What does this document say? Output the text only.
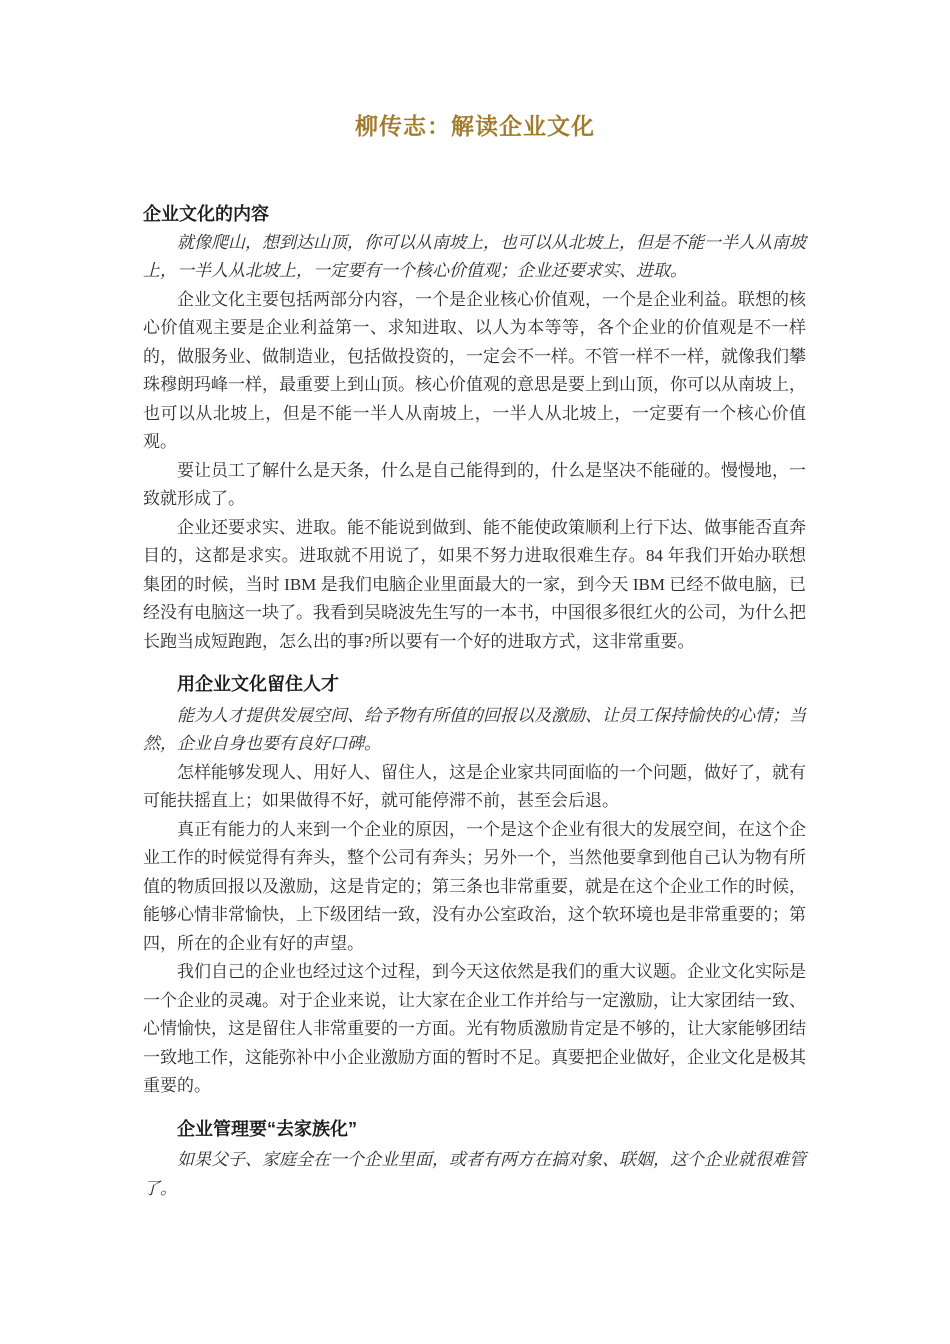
柳传志：解读企业文化
企业文化的内容

就像爬山，想到达山顶，你可以从南坡上，也可以从北坡上，但是不能一半人从南坡上，一半人从北坡上，一定要有一个核心价值观；企业还要求实、进取。

企业文化主要包括两部分内容，一个是企业核心价值观，一个是企业利益。联想的核心价值观主要是企业利益第一、求知进取、以人为本等等，各个企业的价值观是不一样的，做服务业、做制造业，包括做投资的，一定会不一样。不管一样不一样，就像我们攀珠穆朗玛峰一样，最重要上到山顶。核心价值观的意思是要上到山顶，你可以从南坡上，也可以从北坡上，但是不能一半人从南坡上，一半人从北坡上，一定要有一个核心价值观。

要让员工了解什么是天条，什么是自己能得到的，什么是坚决不能碰的。慢慢地，一致就形成了。

企业还要求实、进取。能不能说到做到、能不能使政策顺利上行下达、做事能否直奔目的，这都是求实。进取就不用说了，如果不努力进取很难生存。84 年我们开始办联想集团的时候，当时 IBM 是我们电脑企业里面最大的一家，到今天 IBM 已经不做电脑，已经没有电脑这一块了。我看到吴晓波先生写的一本书，中国很多很红火的公司，为什么把长跑当成短跑跑，怎么出的事?所以要有一个好的进取方式，这非常重要。

用企业文化留住人才

能为人才提供发展空间、给予物有所值的回报以及激励、让员工保持愉快的心情；当然，企业自身也要有良好口碑。

怎样能够发现人、用好人、留住人，这是企业家共同面临的一个问题，做好了，就有可能扶摇直上；如果做得不好，就可能停滞不前，甚至会后退。

真正有能力的人来到一个企业的原因，一个是这个企业有很大的发展空间，在这个企业工作的时候觉得有奔头，整个公司有奔头；另外一个，当然他要拿到他自己认为物有所值的物质回报以及激励，这是肯定的；第三条也非常重要，就是在这个企业工作的时候，能够心情非常愉快，上下级团结一致，没有办公室政治，这个软环境也是非常重要的；第四，所在的企业有好的声望。

我们自己的企业也经过这个过程，到今天这依然是我们的重大议题。企业文化实际是一个企业的灵魂。对于企业来说，让大家在企业工作并给与一定激励，让大家团结一致、心情愉快，这是留住人非常重要的一方面。光有物质激励肯定是不够的，让大家能够团结一致地工作，这能弥补中小企业激励方面的暂时不足。真要把企业做好，企业文化是极其重要的。

企业管理要“去家族化”

如果父子、家庭全在一个企业里面，或者有两方在搞对象、联姻，这个企业就很难管了。
